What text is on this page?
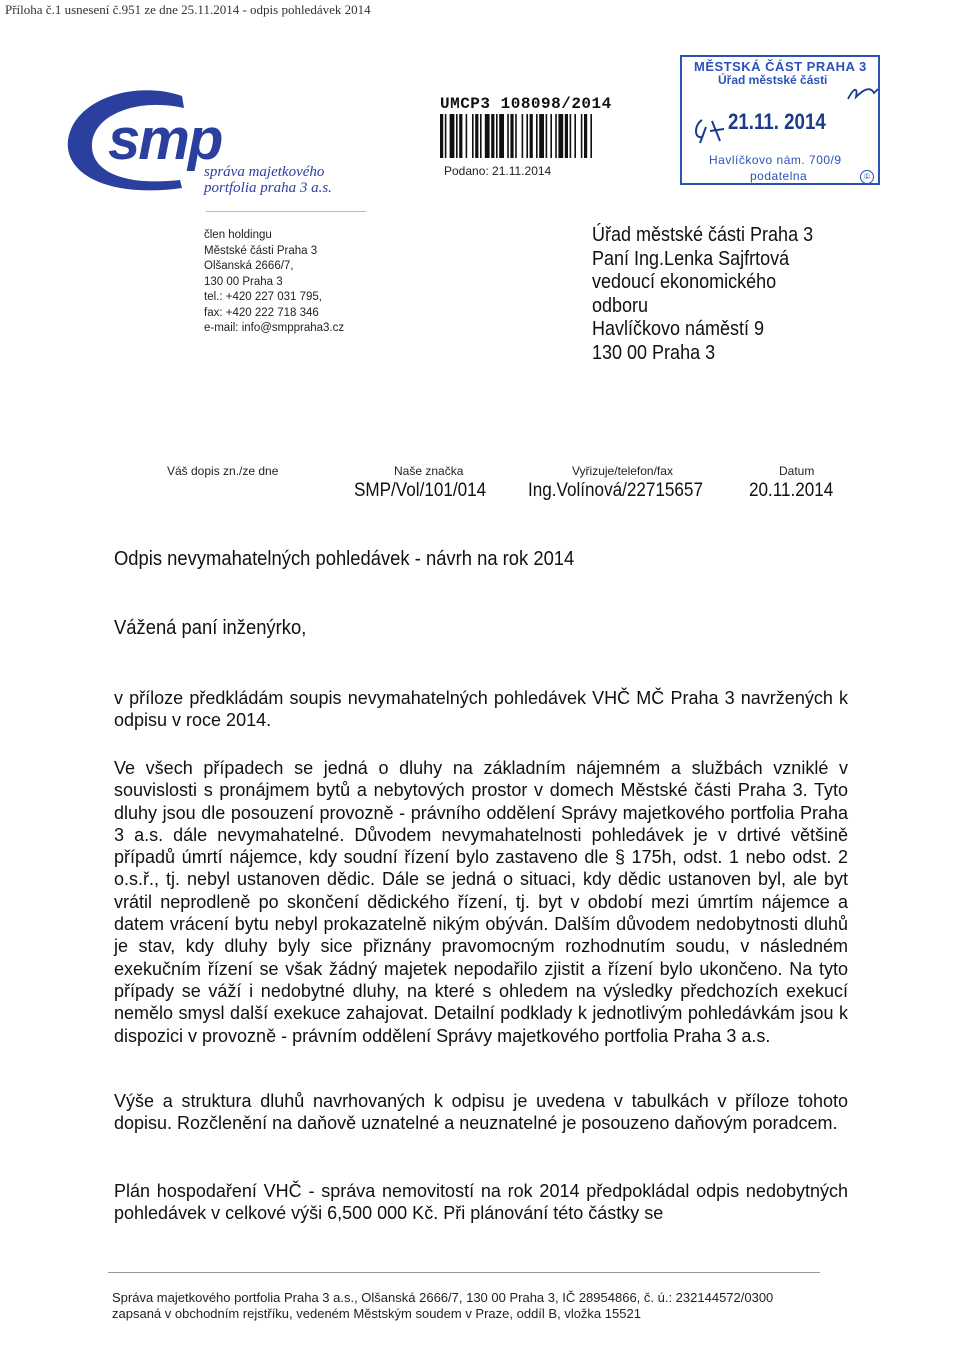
Příloha č.1 usnesení č.951 ze dne 25.11.2014 - odpis pohledávek 2014
smp
správa majetkového
portfolia praha 3 a.s.
UMCP3 108098/2014
Podano: 21.11.2014
MĚSTSKÁ ČÁST PRAHA 3
Úřad městské části
21.11. 2014
Havlíčkovo nám. 700/9
podatelna	①
člen holdingu
Městské části Praha 3
Olšanská 2666/7,
130 00 Praha 3
tel.: +420 227 031 795,
fax: +420 222 718 346
e-mail: info@smppraha3.cz
Úřad městské části Praha 3
Paní Ing.Lenka Sajfrtová
vedoucí ekonomického
odboru
Havlíčkovo náměstí 9
130 00 Praha 3
Váš dopis zn./ze dne	Naše značka
SMP/Vol/101/014
Vyřizuje/telefon/fax
Ing.Volínová/22715657
Datum
20.11.2014
Odpis nevymahatelných pohledávek - návrh na rok 2014
Vážená paní inženýrko,
v příloze předkládám soupis nevymahatelných pohledávek VHČ MČ Praha 3 navržených k odpisu v roce 2014.
Ve všech případech se jedná o dluhy na základním nájemném a službách vzniklé v souvislosti s pronájmem bytů a nebytových prostor v domech Městské části Praha 3. Tyto dluhy jsou dle posouzení provozně - právního oddělení Správy majetkového portfolia Praha 3 a.s. dále nevymahatelné. Důvodem nevymahatelnosti pohledávek je v drtivé většině případů úmrtí nájemce, kdy soudní řízení bylo zastaveno dle § 175h, odst. 1 nebo odst. 2 o.s.ř., tj. nebyl ustanoven dědic. Dále se jedná o situaci, kdy dědic ustanoven byl, ale byt vrátil neprodleně po skončení dědického řízení, tj. byt v období mezi úmrtím nájemce a datem vrácení bytu nebyl prokazatelně nikým obýván. Dalším důvodem nedobytnosti dluhů je stav, kdy dluhy byly sice přiznány pravomocným rozhodnutím soudu, v následném exekučním řízení se však žádný majetek nepodařilo zjistit a řízení bylo ukončeno. Na tyto případy se váží i nedobytné dluhy, na které s ohledem na výsledky předchozích exekucí nemělo smysl další exekuce zahajovat. Detailní podklady k jednotlivým pohledávkám jsou k dispozici v provozně - právním oddělení Správy majetkového portfolia Praha 3 a.s.
Výše a struktura dluhů navrhovaných k odpisu je uvedena v tabulkách v příloze tohoto dopisu. Rozčlenění na daňově uznatelné a neuznatelné je posouzeno daňovým poradcem.
Plán hospodaření VHČ - správa nemovitostí na rok 2014 předpokládal odpis nedobytných pohledávek v celkové výši 6,500 000 Kč. Při plánování této částky se
Správa majetkového portfolia Praha 3 a.s., Olšanská 2666/7, 130 00 Praha 3, IČ 28954866, č. ú.: 232144572/0300
zapsaná v obchodním rejstříku, vedeném Městským soudem v Praze, oddíl B, vložka 15521
